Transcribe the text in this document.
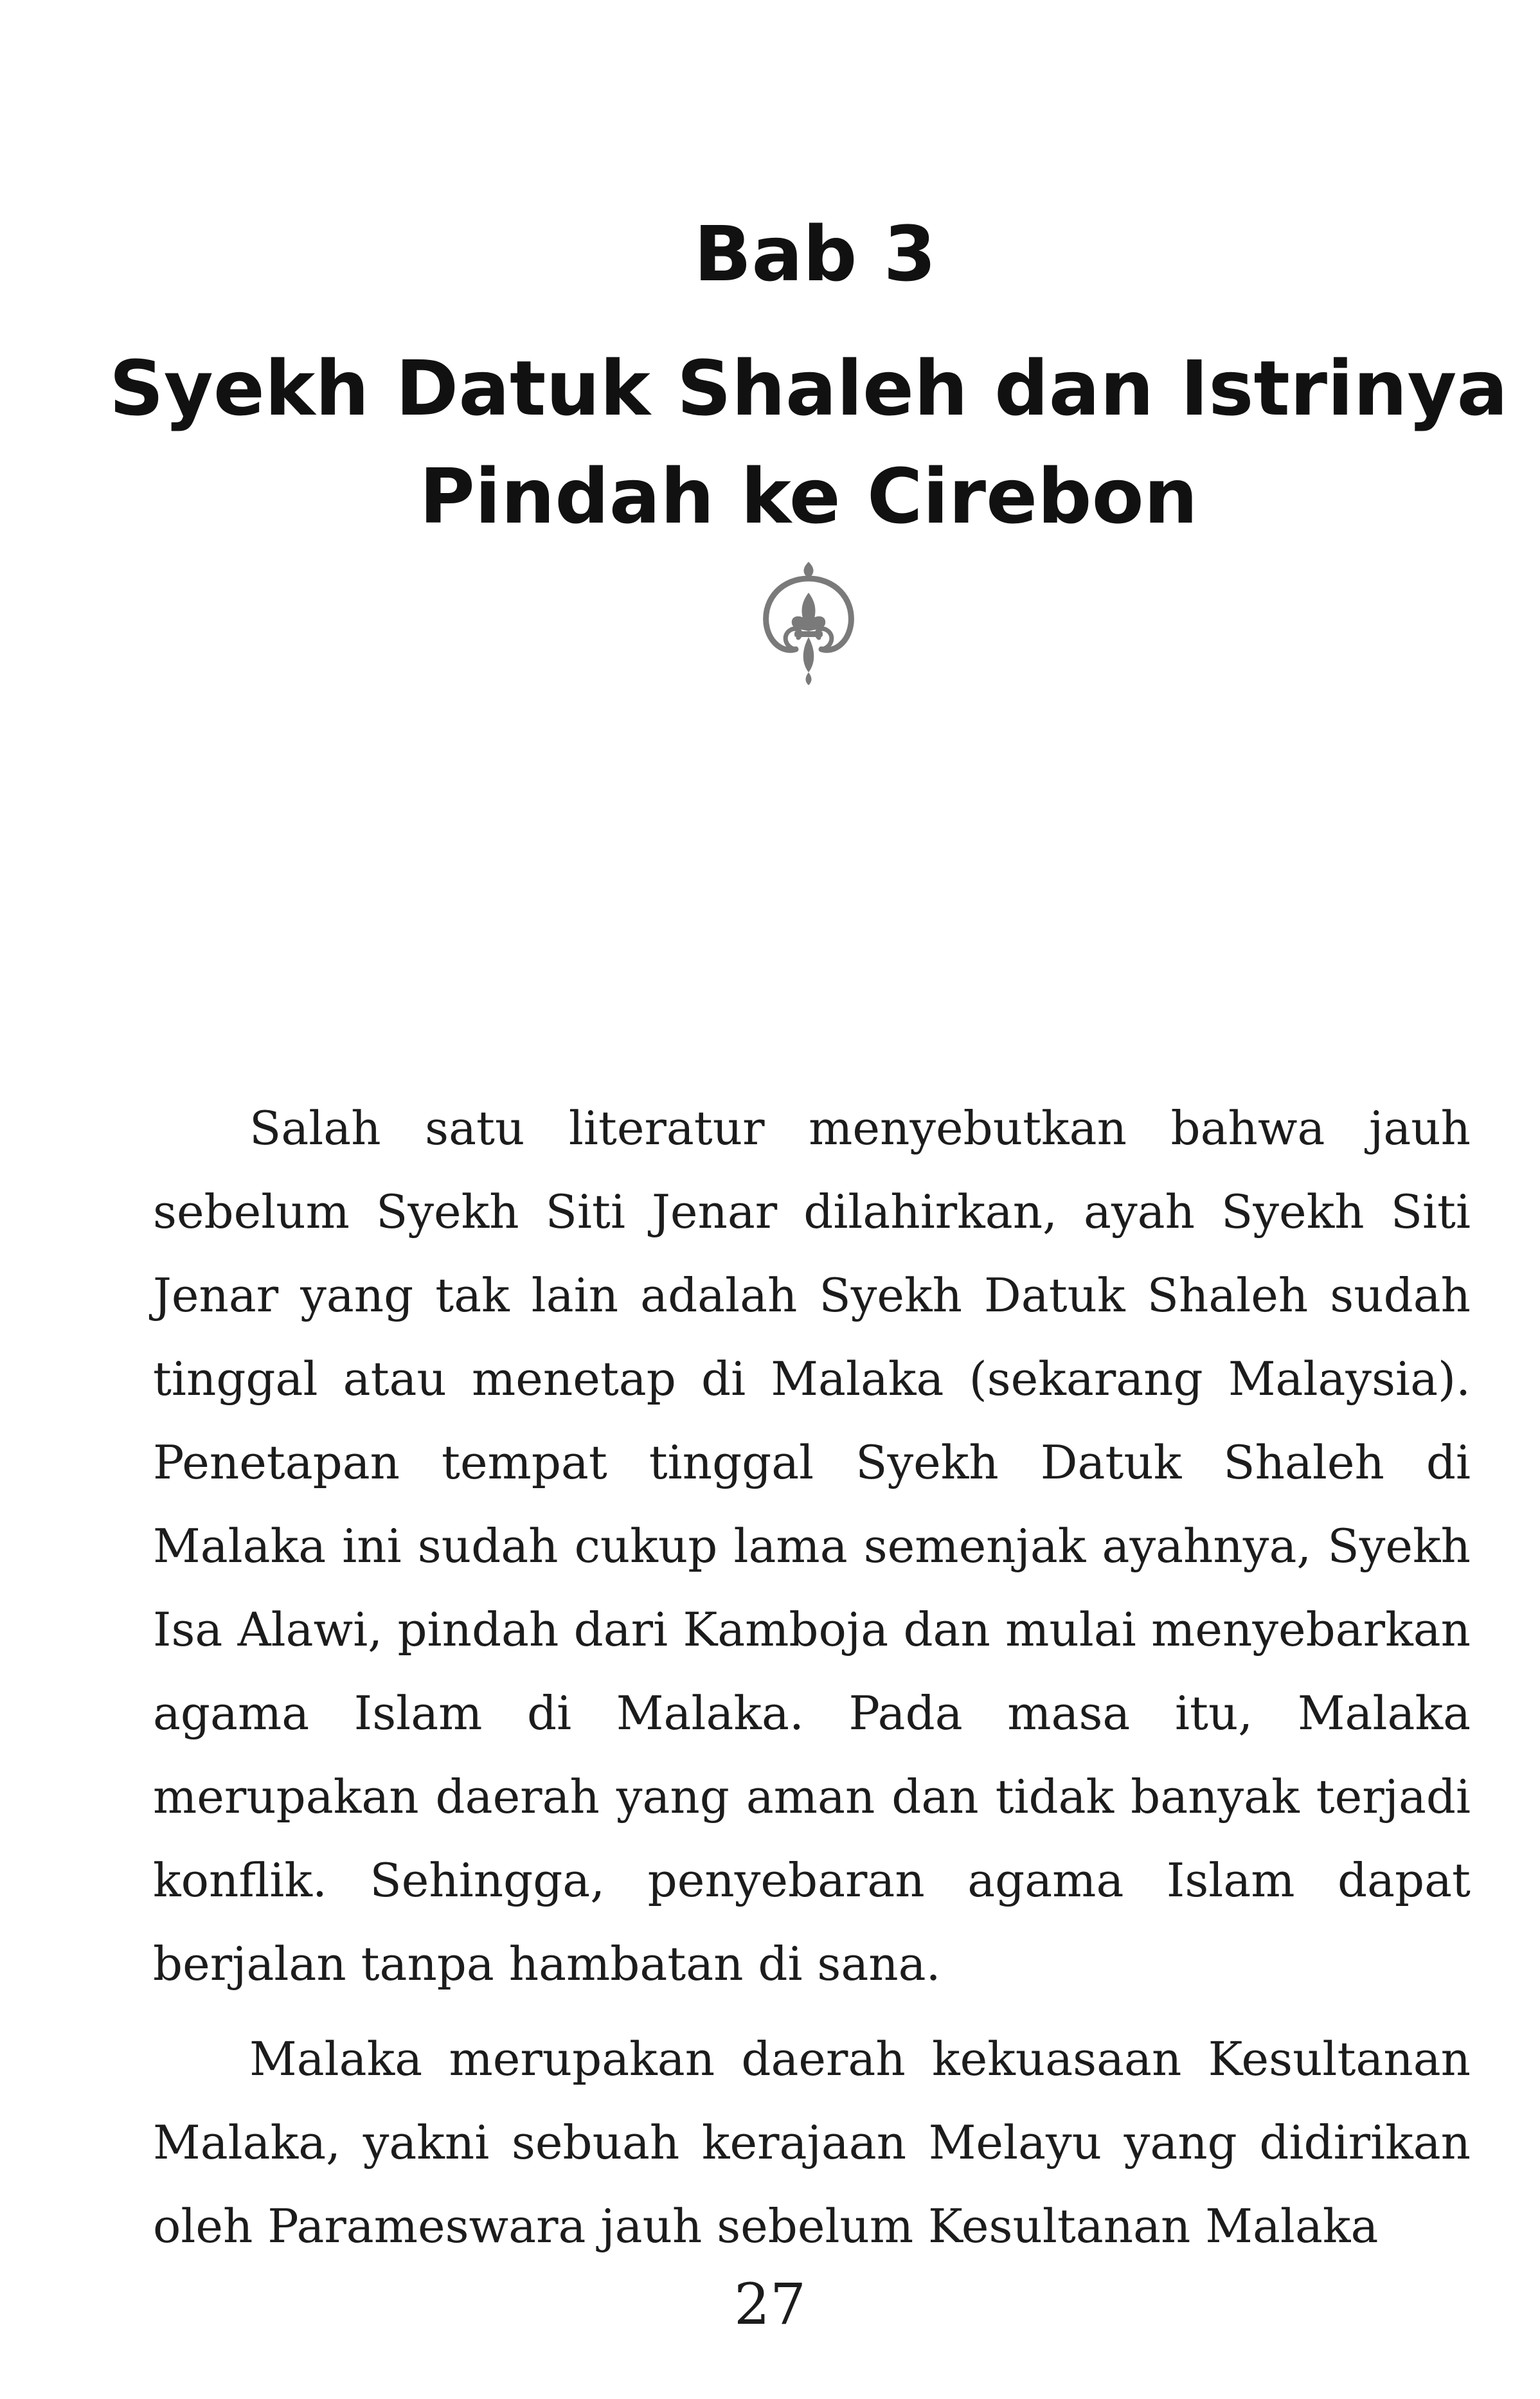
Bab 3
Syekh Datuk Shaleh dan Istrinya
Pindah ke Cirebon

Salah satu literatur menyebutkan bahwa jauh sebelum Syekh Siti Jenar dilahirkan, ayah Syekh Siti Jenar yang tak lain adalah Syekh Datuk Shaleh sudah tinggal atau menetap di Malaka (sekarang Malaysia). Penetapan tempat tinggal Syekh Datuk Shaleh di Malaka ini sudah cukup lama semenjak ayahnya, Syekh Isa Alawi, pindah dari Kamboja dan mulai menyebarkan agama Islam di Malaka. Pada masa itu, Malaka merupakan daerah yang aman dan tidak banyak terjadi konflik. Sehingga, penyebaran agama Islam dapat berjalan tanpa hambatan di sana.

Malaka merupakan daerah kekuasaan Kesultanan Malaka, yakni sebuah kerajaan Melayu yang didirikan oleh Parameswara jauh sebelum Kesultanan Malaka

27
